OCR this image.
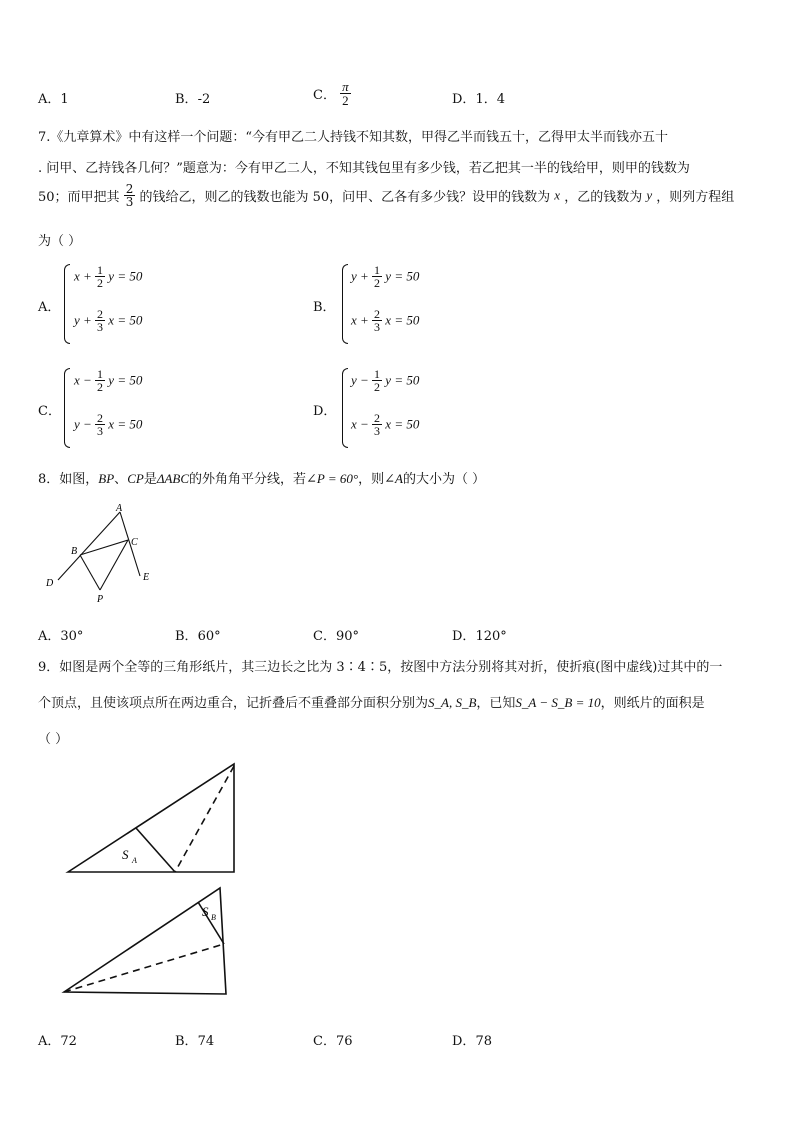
A．1	B．-2	C． $\frac{\pi}{2}$	D．1．4
7.《九章算术》中有这样一个问题：“今有甲乙二人持钱不知其数，甲得乙半而钱五十，乙得甲太半而钱亦五十
. 问甲、乙持钱各几何？”题意为：今有甲乙二人，不知其钱包里有多少钱，若乙把其一半的钱给甲，则甲的钱数为
50；而甲把其 $\frac{2}{3}$ 的钱给乙，则乙的钱数也能为 50，问甲、乙各有多少钱？设甲的钱数为 x ，乙的钱数为 y ，则列方程组
为（ ）
A．
$x + \frac{1}{2}$ y = 50
$y + \frac{2}{3}$ x = 50
B．
$y + \frac{1}{2}$ y = 50
$x + \frac{2}{3}$ x = 50
C．
$x - \frac{1}{2}$ y = 50
$y - \frac{2}{3}$ x = 50
D．
$y - \frac{1}{2}$ y = 50
$x - \frac{2}{3}$ x = 50
8．如图，BP、CP是ΔABC的外角角平分线，若∠P = 60°，则∠A的大小为（ ）
A
B
C
D
E
P
A．30°	B．60°	C．90°	D．120°
9．如图是两个全等的三角形纸片，其三边长之比为 3∶4∶5，按图中方法分别将其对折，使折痕(图中虚线)过其中的一
个顶点，且使该项点所在两边重合，记折叠后不重叠部分面积分别为S_A, S_B，已知S_A − S_B = 10，则纸片的面积是
（ ）
S A
S B
A．72	B．74	C．76	D．78
